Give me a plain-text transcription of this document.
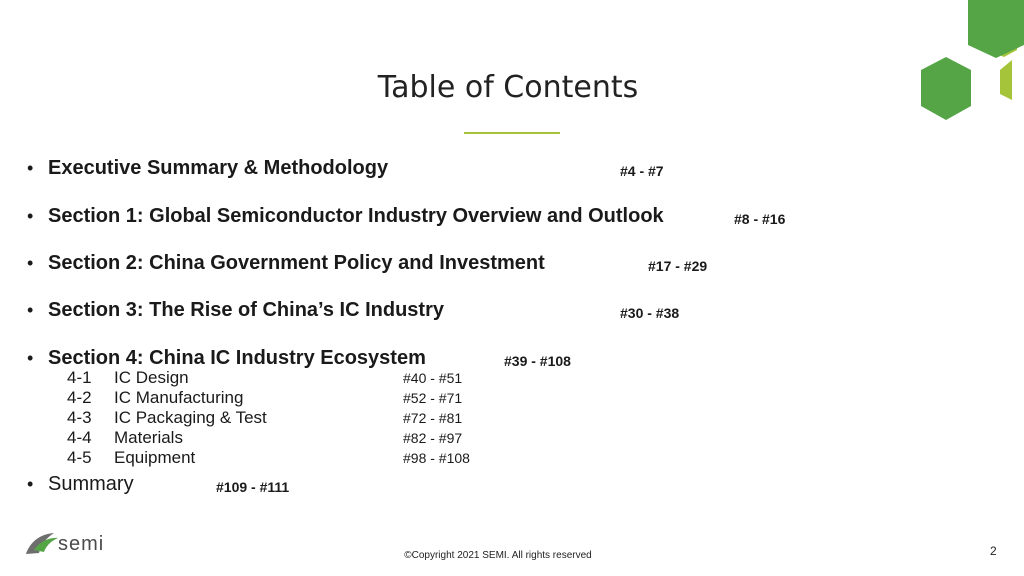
Table of Contents
• Executive Summary & Methodology	#4 - #7
• Section 1: Global Semiconductor Industry Overview and Outlook	#8 - #16
• Section 2: China Government Policy and Investment	#17 - #29
• Section 3: The Rise of China’s IC Industry	#30 - #38
• Section 4: China IC Industry Ecosystem	#39 - #108
4-1 IC Design	#40 - #51
4-2 IC Manufacturing	#52 - #71
4-3 IC Packaging & Test	#72 - #81
4-4 Materials	#82 - #97
4-5 Equipment	#98 - #108
• Summary	#109 - #111
semi
©Copyright 2021 SEMI. All rights reserved	2
